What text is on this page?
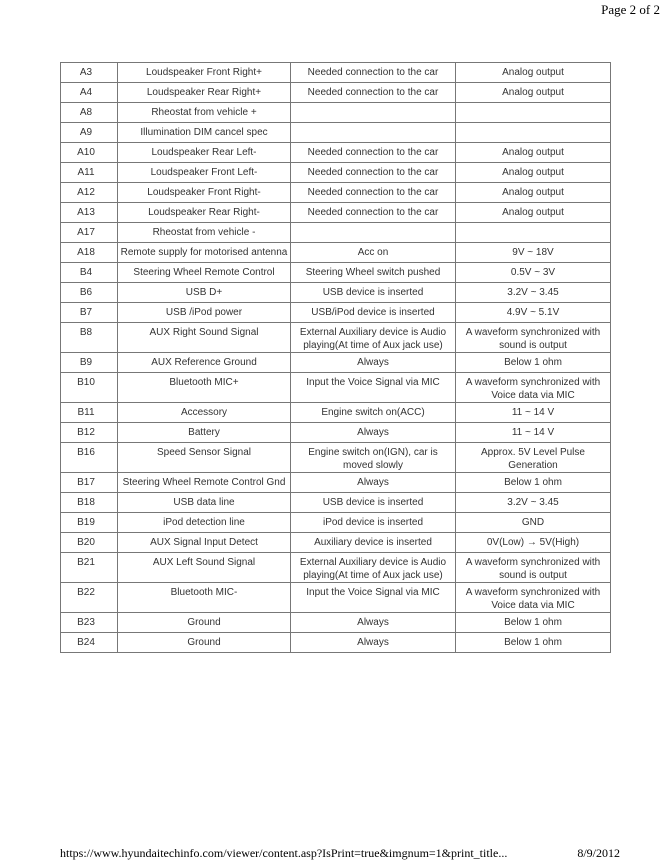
Page 2 of 2
A3	Loudspeaker Front Right+	Needed connection to the car	Analog output
A4	Loudspeaker Rear Right+	Needed connection to the car	Analog output
A8	Rheostat from vehicle +		
A9	Illumination DIM cancel spec		
A10	Loudspeaker Rear Left-	Needed connection to the car	Analog output
A11	Loudspeaker Front Left-	Needed connection to the car	Analog output
A12	Loudspeaker Front Right-	Needed connection to the car	Analog output
A13	Loudspeaker Rear Right-	Needed connection to the car	Analog output
A17	Rheostat from vehicle -		
A18	Remote supply for motorised antenna	Acc on	9V ~ 18V
B4	Steering Wheel Remote Control	Steering Wheel switch pushed	0.5V ~ 3V
B6	USB D+	USB device is inserted	3.2V ~ 3.45
B7	USB /iPod power	USB/iPod device is inserted	4.9V ~ 5.1V
B8	AUX Right Sound Signal	External Auxiliary device is Audio playing(At time of Aux jack use)	A waveform synchronized with sound is output
B9	AUX Reference Ground	Always	Below 1 ohm
B10	Bluetooth MIC+	Input the Voice Signal via MIC	A waveform synchronized with Voice data via MIC
B11	Accessory	Engine switch on(ACC)	11 ~ 14 V
B12	Battery	Always	11 ~ 14 V
B16	Speed Sensor Signal	Engine switch on(IGN), car is moved slowly	Approx. 5V Level Pulse Generation
B17	Steering Wheel Remote Control Gnd	Always	Below 1 ohm
B18	USB data line	USB device is inserted	3.2V ~ 3.45
B19	iPod detection line	iPod device is inserted	GND
B20	AUX Signal Input Detect	Auxiliary device is inserted	0V(Low) → 5V(High)
B21	AUX Left Sound Signal	External Auxiliary device is Audio playing(At time of Aux jack use)	A waveform synchronized with sound is output
B22	Bluetooth MIC-	Input the Voice Signal via MIC	A waveform synchronized with Voice data via MIC
B23	Ground	Always	Below 1 ohm
B24	Ground	Always	Below 1 ohm
https://www.hyundaitechinfo.com/viewer/content.asp?IsPrint=true&imgnum=1&print_title...	8/9/2012
